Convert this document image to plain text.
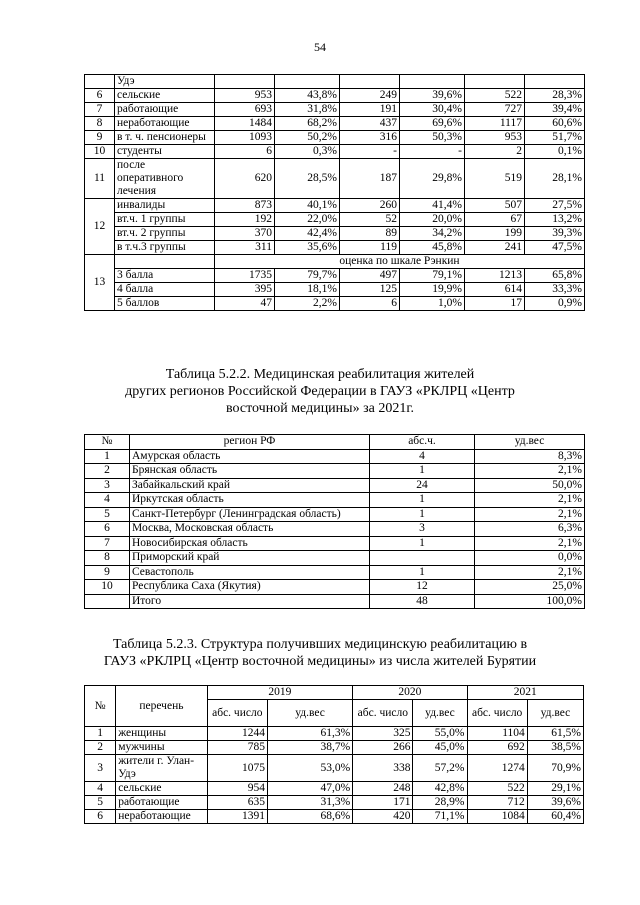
54
	Удэ						
6	сельские	953	43,8%	249	39,6%	522	28,3%
7	работающие	693	31,8%	191	30,4%	727	39,4%
8	неработающие	1484	68,2%	437	69,6%	1117	60,6%
9	в т. ч. пенсионеры	1093	50,2%	316	50,3%	953	51,7%
10	студенты	6	0,3%	-	-	2	0,1%
11	после оперативного лечения	620	28,5%	187	29,8%	519	28,1%
12	инвалиды	873	40,1%	260	41,4%	507	27,5%
	вт.ч. 1 группы	192	22,0%	52	20,0%	67	13,2%
	вт.ч. 2 группы	370	42,4%	89	34,2%	199	39,3%
	в т.ч.3 группы	311	35,6%	119	45,8%	241	47,5%
13		оценка по шкале Рэнкин					
	3 балла	1735	79,7%	497	79,1%	1213	65,8%
	4 балла	395	18,1%	125	19,9%	614	33,3%
	5 баллов	47	2,2%	6	1,0%	17	0,9%
Таблица 5.2.2. Медицинская реабилитация жителей
других регионов Российской Федерации в ГАУЗ «РКЛРЦ «Центр
восточной медицины» за 2021г.
№	регион РФ	абс.ч.	уд.вес
1	Амурская область	4	8,3%
2	Брянская область	1	2,1%
3	Забайкальский край	24	50,0%
4	Иркутская область	1	2,1%
5	Санкт-Петербург (Ленинградская область)	1	2,1%
6	Москва, Московская область	3	6,3%
7	Новосибирская область	1	2,1%
8	Приморский край		0,0%
9	Севастополь	1	2,1%
10	Республика Саха (Якутия)	12	25,0%
	Итого	48	100,0%
Таблица 5.2.3. Структура получивших медицинскую реабилитацию в
ГАУЗ «РКЛРЦ «Центр восточной медицины» из числа жителей Бурятии
№	перечень	2019		2020		2021	
		абс. число	уд.вес	абс. число	уд.вес	абс. число	уд.вес
1	женщины	1244	61,3%	325	55,0%	1104	61,5%
2	мужчины	785	38,7%	266	45,0%	692	38,5%
3	жители г. Улан-Удэ	1075	53,0%	338	57,2%	1274	70,9%
4	сельские	954	47,0%	248	42,8%	522	29,1%
5	работающие	635	31,3%	171	28,9%	712	39,6%
6	неработающие	1391	68,6%	420	71,1%	1084	60,4%
